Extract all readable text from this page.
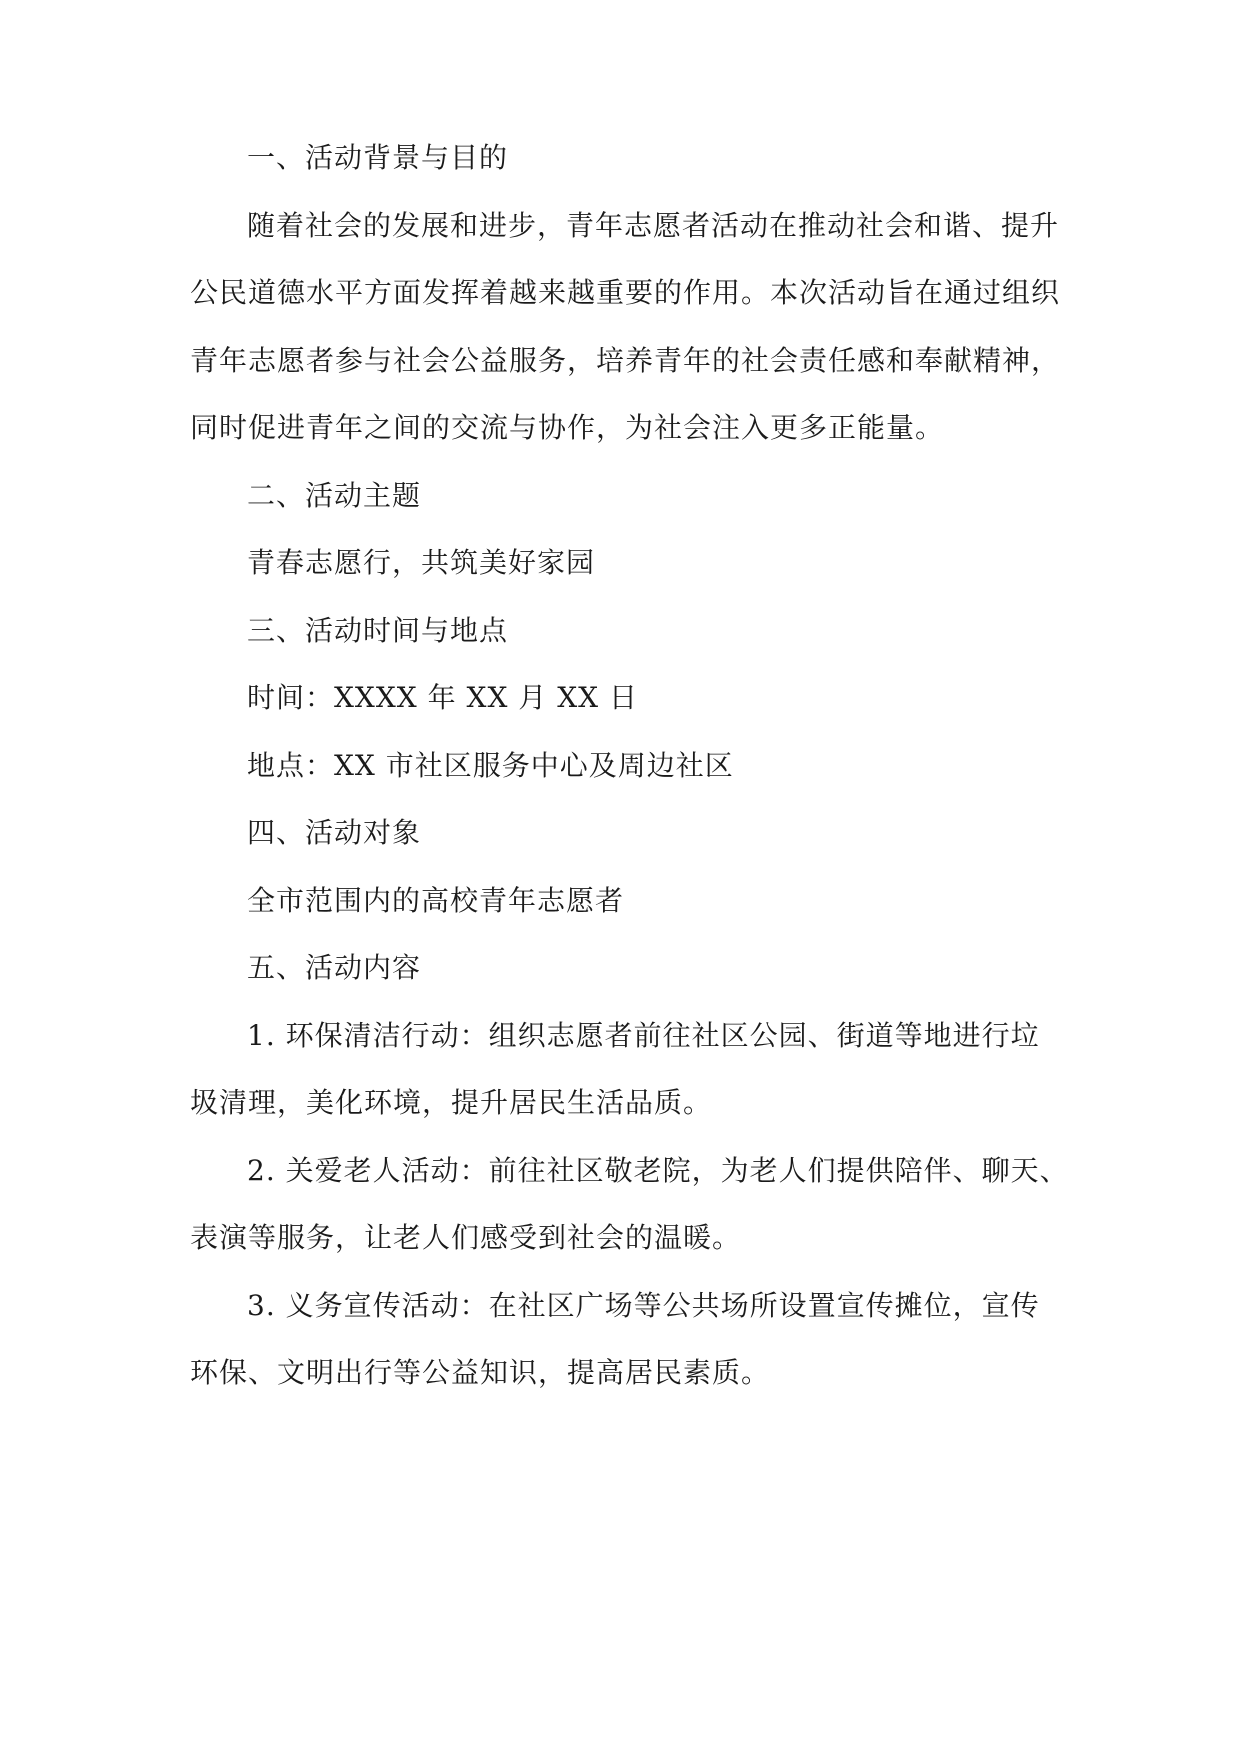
一、活动背景与目的
随着社会的发展和进步，青年志愿者活动在推动社会和谐、提升
公民道德水平方面发挥着越来越重要的作用。本次活动旨在通过组织
青年志愿者参与社会公益服务，培养青年的社会责任感和奉献精神，
同时促进青年之间的交流与协作，为社会注入更多正能量。
二、活动主题
青春志愿行，共筑美好家园
三、活动时间与地点
时间：XXXX 年 XX 月 XX 日
地点：XX 市社区服务中心及周边社区
四、活动对象
全市范围内的高校青年志愿者
五、活动内容
1. 环保清洁行动：组织志愿者前往社区公园、街道等地进行垃
圾清理，美化环境，提升居民生活品质。
2. 关爱老人活动：前往社区敬老院，为老人们提供陪伴、聊天、
表演等服务，让老人们感受到社会的温暖。
3. 义务宣传活动：在社区广场等公共场所设置宣传摊位，宣传
环保、文明出行等公益知识，提高居民素质。
